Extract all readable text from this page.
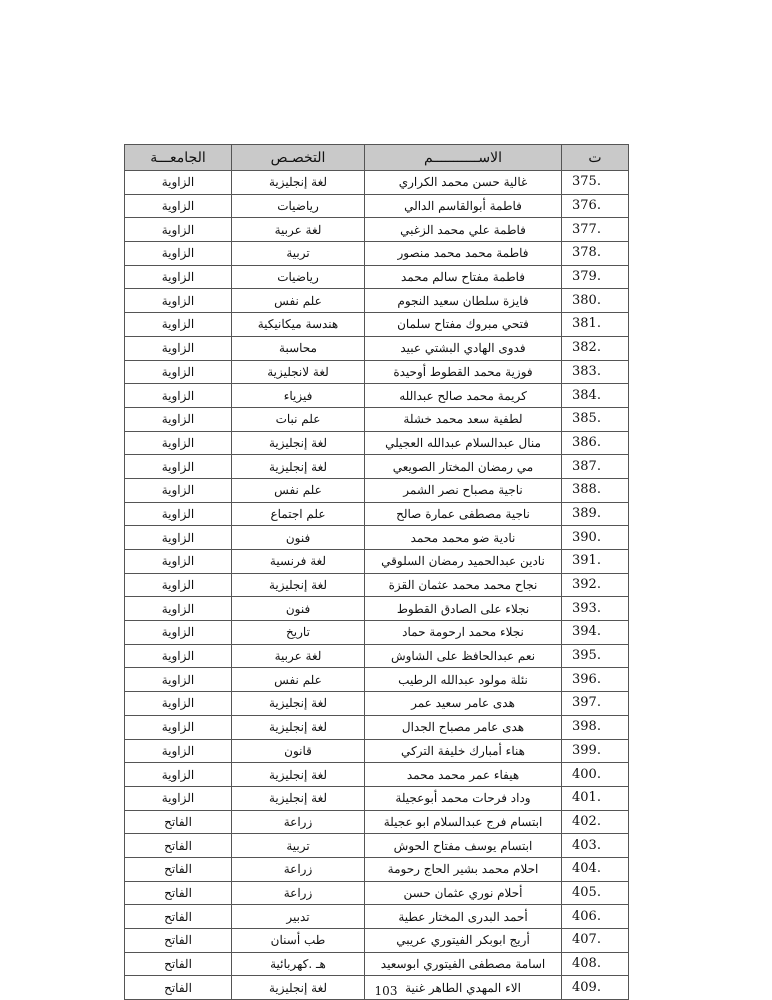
ت	الاســـــــــــم	التخصـص	الجامعـــة
375.	غالية حسن محمد الكراري	لغة إنجليزية	الزاوية
376.	فاطمة أبوالقاسم الدالي	رياضيات	الزاوية
377.	فاطمة علي محمد الزغبي	لغة عربية	الزاوية
378.	فاطمة محمد محمد منصور	تربية	الزاوية
379.	فاطمة مفتاح سالم محمد	رياضيات	الزاوية
380.	فايزة سلطان سعيد النجوم	علم نفس	الزاوية
381.	فتحي مبروك مفتاح سلمان	هندسة ميكانيكية	الزاوية
382.	فدوى الهادي البشتي عبيد	محاسبة	الزاوية
383.	فوزية محمد القطوط أوحيدة	لغة لانجليزية	الزاوية
384.	كريمة محمد صالح عبدالله	فيزياء	الزاوية
385.	لطفية سعد محمد خشلة	علم نبات	الزاوية
386.	منال عبدالسلام عبدالله العجيلي	لغة إنجليزية	الزاوية
387.	مي رمضان المختار الصويعي	لغة إنجليزية	الزاوية
388.	ناجية مصباح نصر الشمر	علم نفس	الزاوية
389.	ناجية مصطفى عمارة صالح	علم اجتماع	الزاوية
390.	نادية ضو محمد محمد	فنون	الزاوية
391.	نادين عبدالحميد رمضان السلوقي	لغة فرنسية	الزاوية
392.	نجاح محمد محمد عثمان القزة	لغة إنجليزية	الزاوية
393.	نجلاء على الصادق القطوط	فنون	الزاوية
394.	نجلاء محمد ارحومة حماد	تاريخ	الزاوية
395.	نعم عبدالحافظ على الشاوش	لغة عربية	الزاوية
396.	نئلة مولود عبدالله الرطيب	علم نفس	الزاوية
397.	هدى عامر سعيد عمر	لغة إنجليزية	الزاوية
398.	هدى عامر مصباح الجدال	لغة إنجليزية	الزاوية
399.	هناء أمبارك خليفة التركي	قانون	الزاوية
400.	هيفاء عمر محمد محمد	لغة إنجليزية	الزاوية
401.	وداد فرحات محمد أبوعجيلة	لغة إنجليزية	الزاوية
402.	ابتسام فرج عبدالسلام ابو عجيلة	زراعة	الفاتح
403.	ابتسام يوسف مفتاح الحوش	تربية	الفاتح
404.	احلام محمد بشير الحاج رحومة	زراعة	الفاتح
405.	أحلام نوري عثمان حسن	زراعة	الفاتح
406.	أحمد البدرى المختار عطية	تدبير	الفاتح
407.	أريج ابوبكر الفيتوري عريبي	طب أسنان	الفاتح
408.	اسامة مصطفى الفيتوري ابوسعيد	هـ .كهربائية	الفاتح
409.	الاء المهدي الطاهر غنية	لغة إنجليزية	الفاتح	103
